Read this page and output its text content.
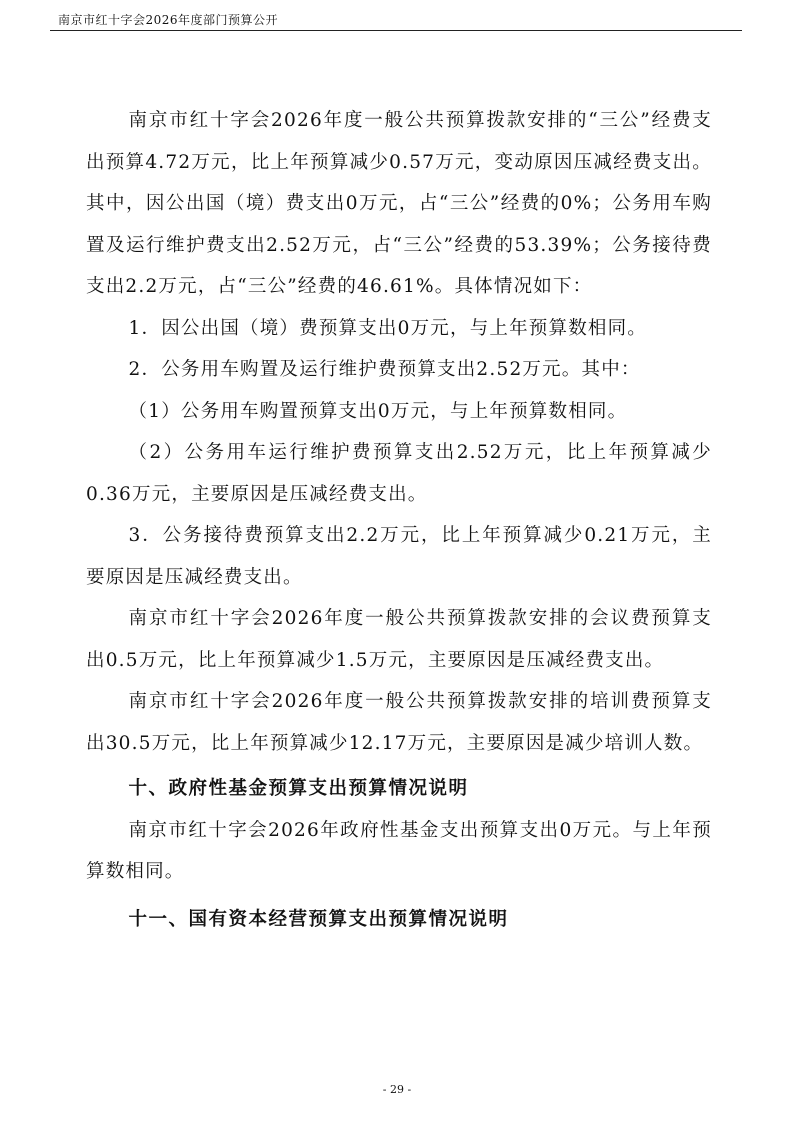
南京市红十字会2026年度部门预算公开

南京市红十字会2026年度一般公共预算拨款安排的“三公”经费支出预算4.72万元，比上年预算减少0.57万元，变动原因压减经费支出。其中，因公出国（境）费支出0万元，占“三公”经费的0%；公务用车购置及运行维护费支出2.52万元，占“三公”经费的53.39%；公务接待费支出2.2万元，占“三公”经费的46.61%。具体情况如下：

1．因公出国（境）费预算支出0万元，与上年预算数相同。

2．公务用车购置及运行维护费预算支出2.52万元。其中：

（1）公务用车购置预算支出0万元，与上年预算数相同。

（2）公务用车运行维护费预算支出2.52万元，比上年预算减少0.36万元，主要原因是压减经费支出。

3．公务接待费预算支出2.2万元，比上年预算减少0.21万元，主要原因是压减经费支出。

南京市红十字会2026年度一般公共预算拨款安排的会议费预算支出0.5万元，比上年预算减少1.5万元，主要原因是压减经费支出。

南京市红十字会2026年度一般公共预算拨款安排的培训费预算支出30.5万元，比上年预算减少12.17万元，主要原因是减少培训人数。

十、政府性基金预算支出预算情况说明

南京市红十字会2026年政府性基金支出预算支出0万元。与上年预算数相同。

十一、国有资本经营预算支出预算情况说明

- 29 -
